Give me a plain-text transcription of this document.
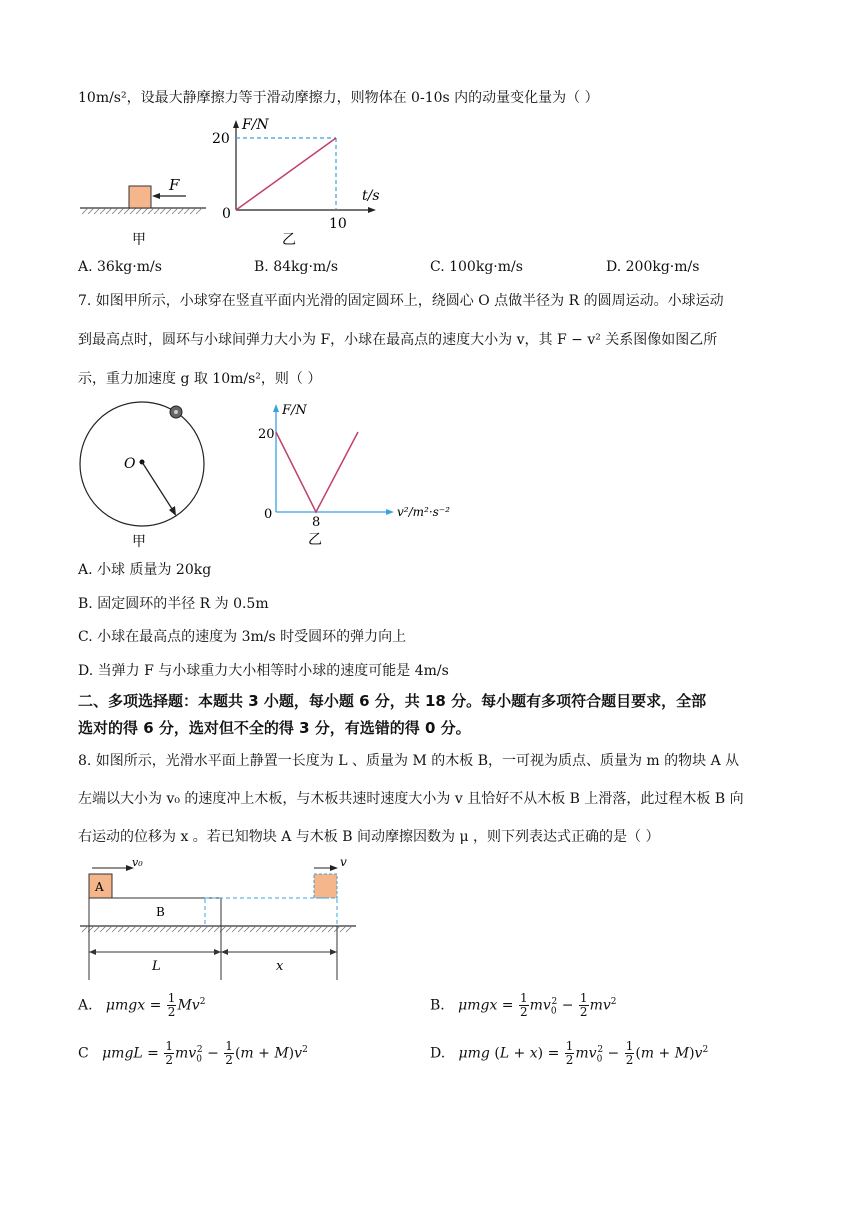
10m/s²，设最大静摩擦力等于滑动摩擦力，则物体在 0-10s 内的动量变化量为（ ）
F
甲
F/N
t/s
20
0
10
乙
A. 36kg·m/s	B. 84kg·m/s	C. 100kg·m/s	D. 200kg·m/s
7. 如图甲所示，小球穿在竖直平面内光滑的固定圆环上，绕圆心 O 点做半径为 R 的圆周运动。小球运动
到最高点时，圆环与小球间弹力大小为 F，小球在最高点的速度大小为 v，其 F − v² 关系图像如图乙所
示，重力加速度 g 取 10m/s²，则（ ）
O
甲
F/N
20
0
8
v²/m²·s⁻²
乙
A. 小球 质量为 20kg
B. 固定圆环的半径 R 为 0.5m
C. 小球在最高点的速度为 3m/s 时受圆环的弹力向上
D. 当弹力 F 与小球重力大小相等时小球的速度可能是 4m/s
二、多项选择题：本题共 3 小题，每小题 6 分，共 18 分。每小题有多项符合题目要求，全部
选对的得 6 分，选对但不全的得 3 分，有选错的得 0 分。
8. 如图所示，光滑水平面上静置一长度为 L 、质量为 M 的木板 B，一可视为质点、质量为 m 的物块 A 从
左端以大小为 v₀ 的速度冲上木板，与木板共速时速度大小为 v 且恰好不从木板 B 上滑落，此过程木板 B 向
右运动的位移为 x 。若已知物块 A 与木板 B 间动摩擦因数为 μ ，则下列表达式正确的是（ ）
v₀	v
A
B
L	x
A. $\mu mgx = \frac{1}{2} Mv^2$	B. $\mu mgx = \frac{1}{2} mv_0^2 - \frac{1}{2} mv^2$
C $\mu mgL = \frac{1}{2} mv_0^2 - \frac{1}{2} (m + M)v^2$	D. μmg $(L + x) = \frac{1}{2} mv_0^2 - \frac{1}{2} (m + M)v^2$
